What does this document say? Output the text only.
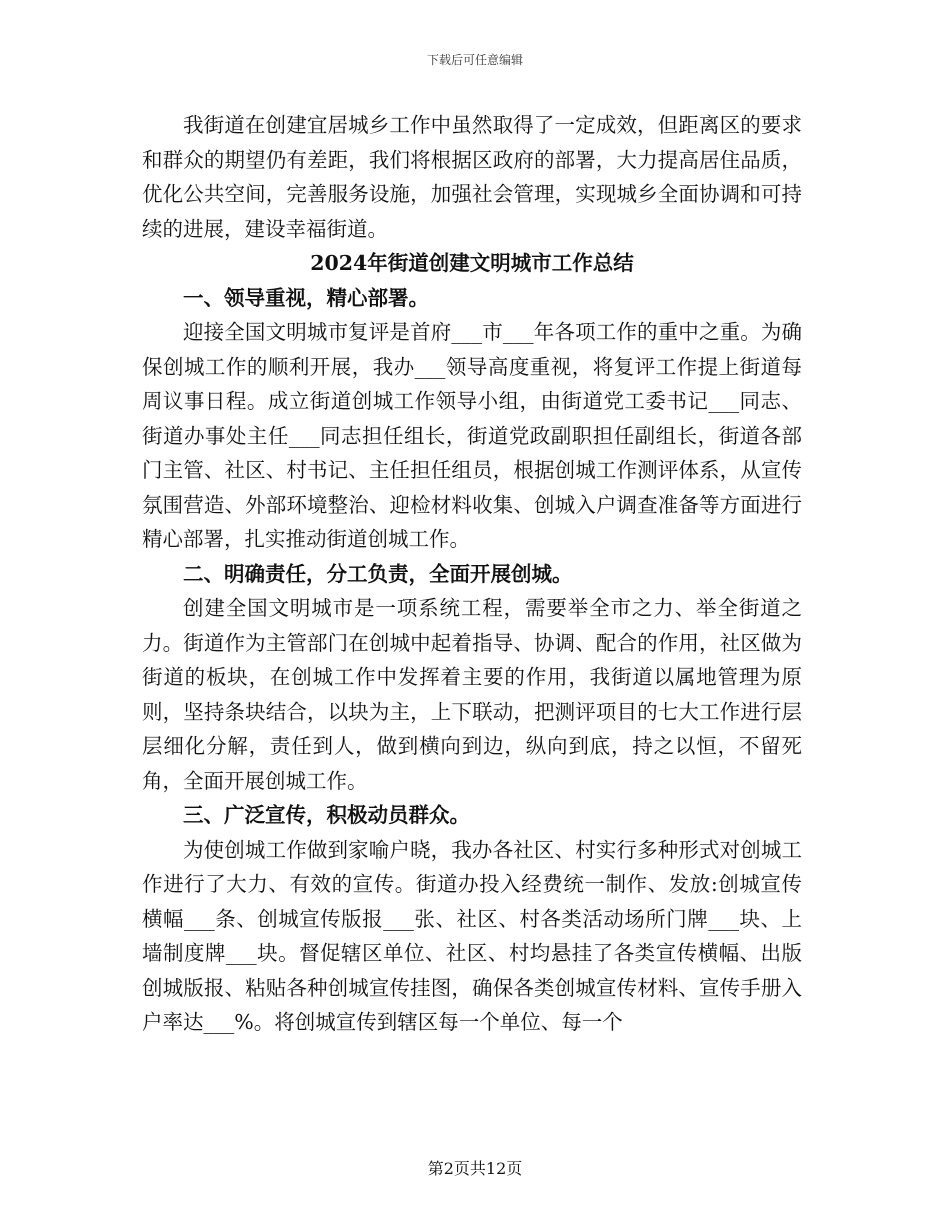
下载后可任意编辑

我街道在创建宜居城乡工作中虽然取得了一定成效，但距离区的要求和群众的期望仍有差距，我们将根据区政府的部署，大力提高居住品质，优化公共空间，完善服务设施，加强社会管理，实现城乡全面协调和可持续的进展，建设幸福街道。

2024年街道创建文明城市工作总结

一、领导重视，精心部署。

迎接全国文明城市复评是首府___市___年各项工作的重中之重。为确保创城工作的顺利开展，我办___领导高度重视，将复评工作提上街道每周议事日程。成立街道创城工作领导小组，由街道党工委书记___同志、街道办事处主任___同志担任组长，街道党政副职担任副组长，街道各部门主管、社区、村书记、主任担任组员，根据创城工作测评体系，从宣传氛围营造、外部环境整治、迎检材料收集、创城入户调查准备等方面进行精心部署，扎实推动街道创城工作。

二、明确责任，分工负责，全面开展创城。

创建全国文明城市是一项系统工程，需要举全市之力、举全街道之力。街道作为主管部门在创城中起着指导、协调、配合的作用，社区做为街道的板块，在创城工作中发挥着主要的作用，我街道以属地管理为原则，坚持条块结合，以块为主，上下联动，把测评项目的七大工作进行层层细化分解，责任到人，做到横向到边，纵向到底，持之以恒，不留死角，全面开展创城工作。

三、广泛宣传，积极动员群众。

为使创城工作做到家喻户晓，我办各社区、村实行多种形式对创城工作进行了大力、有效的宣传。街道办投入经费统一制作、发放:创城宣传横幅___条、创城宣传版报___张、社区、村各类活动场所门牌___块、上墙制度牌___块。督促辖区单位、社区、村均悬挂了各类宣传横幅、出版创城版报、粘贴各种创城宣传挂图，确保各类创城宣传材料、宣传手册入户率达___%。将创城宣传到辖区每一个单位、每一个

第2页共12页
